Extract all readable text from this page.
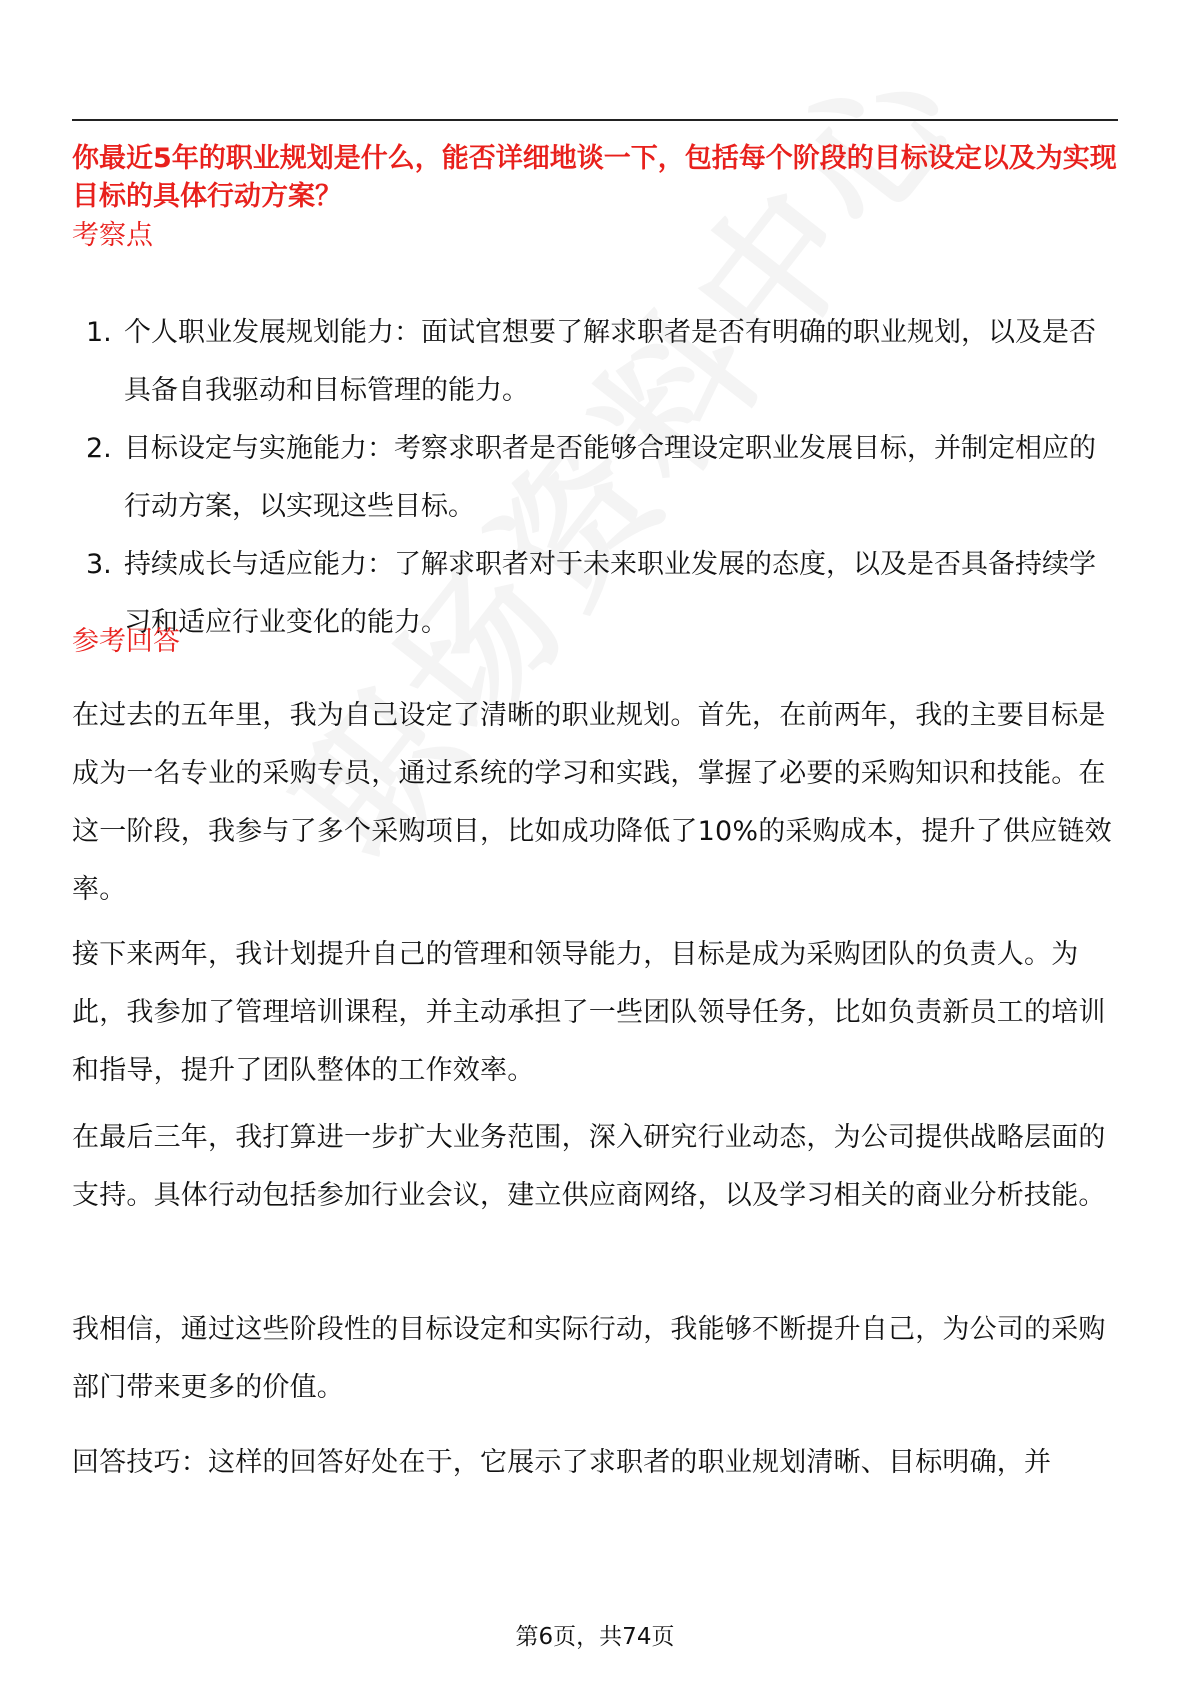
你最近5年的职业规划是什么，能否详细地谈一下，包括每个阶段的目标设定以及为实现目标的具体行动方案？
考察点
1. 个人职业发展规划能力：面试官想要了解求职者是否有明确的职业规划，以及是否具备自我驱动和目标管理的能力。
2. 目标设定与实施能力：考察求职者是否能够合理设定职业发展目标，并制定相应的行动方案，以实现这些目标。
3. 持续成长与适应能力：了解求职者对于未来职业发展的态度，以及是否具备持续学习和适应行业变化的能力。
参考回答

在过去的五年里，我为自己设定了清晰的职业规划。首先，在前两年，我的主要目标是成为一名专业的采购专员，通过系统的学习和实践，掌握了必要的采购知识和技能。在这一阶段，我参与了多个采购项目，比如成功降低了10%的采购成本，提升了供应链效率。

接下来两年，我计划提升自己的管理和领导能力，目标是成为采购团队的负责人。为此，我参加了管理培训课程，并主动承担了一些团队领导任务，比如负责新员工的培训和指导，提升了团队整体的工作效率。

在最后三年，我打算进一步扩大业务范围，深入研究行业动态，为公司提供战略层面的支持。具体行动包括参加行业会议，建立供应商网络，以及学习相关的商业分析技能。

我相信，通过这些阶段性的目标设定和实际行动，我能够不断提升自己，为公司的采购部门带来更多的价值。

回答技巧：这样的回答好处在于，它展示了求职者的职业规划清晰、目标明确，并

第6页，共74页
